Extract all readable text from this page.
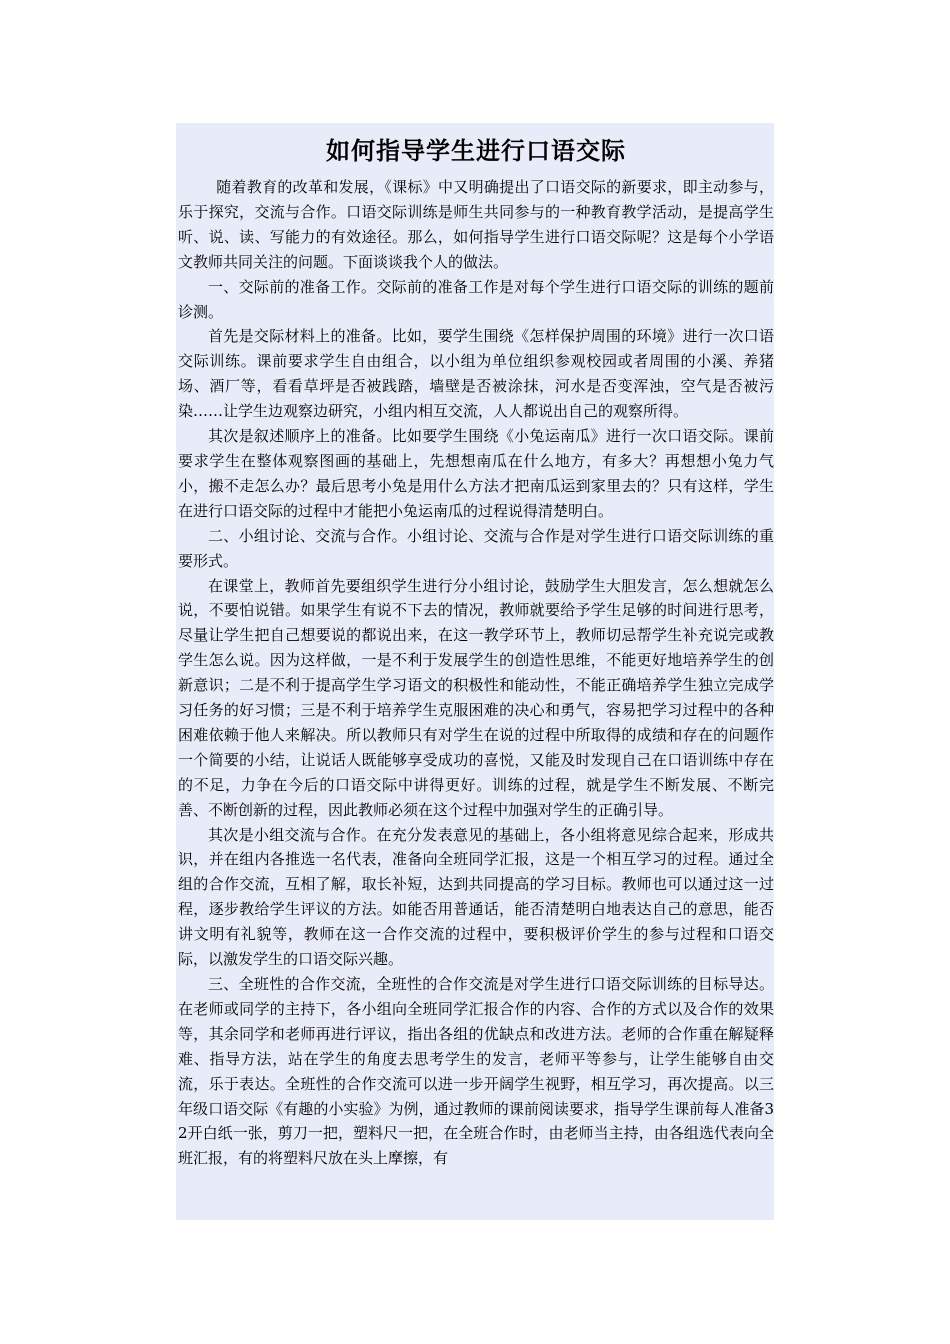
如何指导学生进行口语交际

随着教育的改革和发展，《课标》中又明确提出了口语交际的新要求，即主动参与，乐于探究，交流与合作。口语交际训练是师生共同参与的一种教育教学活动，是提高学生听、说、读、写能力的有效途径。那么，如何指导学生进行口语交际呢？这是每个小学语文教师共同关注的问题。下面谈谈我个人的做法。

一、交际前的准备工作。交际前的准备工作是对每个学生进行口语交际的训练的题前诊测。

首先是交际材料上的准备。比如，要学生围绕《怎样保护周围的环境》进行一次口语交际训练。课前要求学生自由组合，以小组为单位组织参观校园或者周围的小溪、养猪场、酒厂等，看看草坪是否被践踏，墙壁是否被涂抹，河水是否变浑浊，空气是否被污染……让学生边观察边研究，小组内相互交流，人人都说出自己的观察所得。

其次是叙述顺序上的准备。比如要学生围绕《小兔运南瓜》进行一次口语交际。课前要求学生在整体观察图画的基础上，先想想南瓜在什么地方，有多大？再想想小兔力气小，搬不走怎么办？最后思考小兔是用什么方法才把南瓜运到家里去的？只有这样，学生在进行口语交际的过程中才能把小兔运南瓜的过程说得清楚明白。

二、小组讨论、交流与合作。小组讨论、交流与合作是对学生进行口语交际训练的重要形式。

在课堂上，教师首先要组织学生进行分小组讨论，鼓励学生大胆发言，怎么想就怎么说，不要怕说错。如果学生有说不下去的情况，教师就要给予学生足够的时间进行思考，尽量让学生把自己想要说的都说出来，在这一教学环节上，教师切忌帮学生补充说完或教学生怎么说。因为这样做，一是不利于发展学生的创造性思维，不能更好地培养学生的创新意识；二是不利于提高学生学习语文的积极性和能动性，不能正确培养学生独立完成学习任务的好习惯；三是不利于培养学生克服困难的决心和勇气，容易把学习过程中的各种困难依赖于他人来解决。所以教师只有对学生在说的过程中所取得的成绩和存在的问题作一个简要的小结，让说话人既能够享受成功的喜悦，又能及时发现自己在口语训练中存在的不足，力争在今后的口语交际中讲得更好。训练的过程，就是学生不断发展、不断完善、不断创新的过程，因此教师必须在这个过程中加强对学生的正确引导。

其次是小组交流与合作。在充分发表意见的基础上，各小组将意见综合起来，形成共识，并在组内各推选一名代表，准备向全班同学汇报，这是一个相互学习的过程。通过全组的合作交流，互相了解，取长补短，达到共同提高的学习目标。教师也可以通过这一过程，逐步教给学生评议的方法。如能否用普通话，能否清楚明白地表达自己的意思，能否讲文明有礼貌等，教师在这一合作交流的过程中，要积极评价学生的参与过程和口语交际，以激发学生的口语交际兴趣。

三、全班性的合作交流，全班性的合作交流是对学生进行口语交际训练的目标导达。在老师或同学的主持下，各小组向全班同学汇报合作的内容、合作的方式以及合作的效果等，其余同学和老师再进行评议，指出各组的优缺点和改进方法。老师的合作重在解疑释难、指导方法，站在学生的角度去思考学生的发言，老师平等参与，让学生能够自由交流，乐于表达。全班性的合作交流可以进一步开阔学生视野，相互学习，再次提高。以三年级口语交际《有趣的小实验》为例，通过教师的课前阅读要求，指导学生课前每人准备32开白纸一张，剪刀一把，塑料尺一把，在全班合作时，由老师当主持，由各组选代表向全班汇报，有的将塑料尺放在头上摩擦，有
